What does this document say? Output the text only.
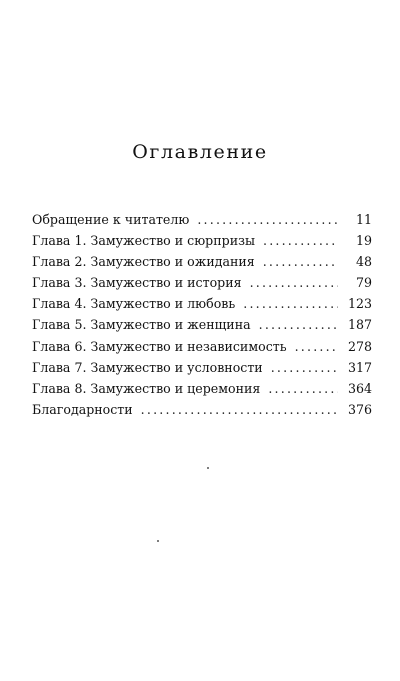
Оглавление
Обращение к читателю .....	11
Глава 1. Замужество и сюрпризы .....	19
Глава 2. Замужество и ожидания .....	48
Глава 3. Замужество и история .....	79
Глава 4. Замужество и любовь .....	123
Глава 5. Замужество и женщина .....	187
Глава 6. Замужество и независимость .....	278
Глава 7. Замужество и условности .....	317
Глава 8. Замужество и церемония .....	364
Благодарности .....	376
